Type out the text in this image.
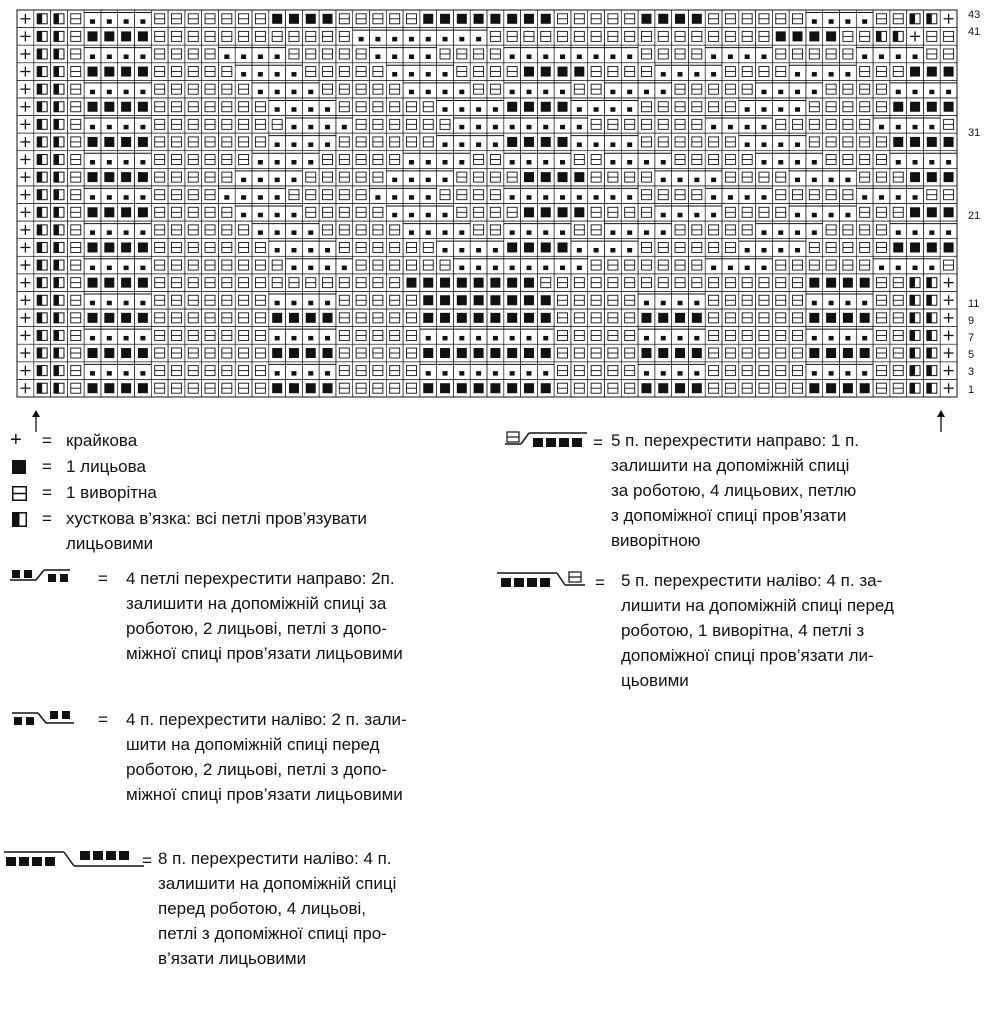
43
41
31
21
11
9
7
5
3
1
+ = крайкова
= 1 лицьова
= 1 виворітна
= хусткова в’язка: всі петлі пров’язувати
лицьовими
= 4 петлі перехрестити направо: 2п.
залишити на допоміжній спиці за
роботою, 2 лицьові, петлі з допо-
міжної спиці пров’язати лицьовими
= 4 п. перехрестити наліво: 2 п. зали-
шити на допоміжній спиці перед
роботою, 2 лицьові, петлі з допо-
міжної спиці пров’язати лицьовими
= 8 п. перехрестити наліво: 4 п.
залишити на допоміжній спиці
перед роботою, 4 лицьові,
петлі з допоміжної спиці про-
в’язати лицьовими
= 5 п. перехрестити направо: 1 п.
залишити на допоміжній спиці
за роботою, 4 лицьових, петлю
з допоміжної спиці пров’язати
виворітною
= 5 п. перехрестити наліво: 4 п. за-
лишити на допоміжній спиці перед
роботою, 1 виворітна, 4 петлі з
допоміжної спиці пров’язати ли-
цьовими
